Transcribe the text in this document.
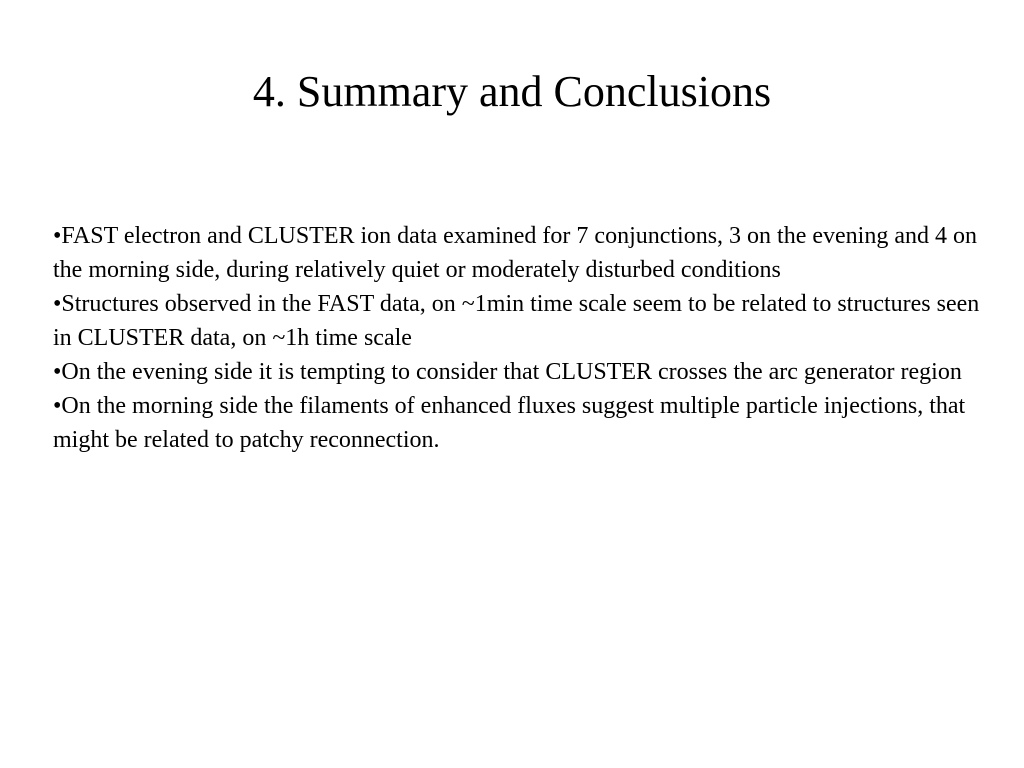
4. Summary and Conclusions
•FAST electron and CLUSTER ion data examined for 7 conjunctions, 3 on the evening and 4 on the morning side, during relatively quiet or moderately disturbed conditions
•Structures observed in the FAST data, on ~1min time scale seem to be related to structures seen in CLUSTER data, on ~1h time scale
•On the evening side it is tempting to consider that CLUSTER crosses the arc generator region
•On the morning side the filaments of enhanced fluxes suggest multiple particle injections, that might be related to patchy reconnection.
